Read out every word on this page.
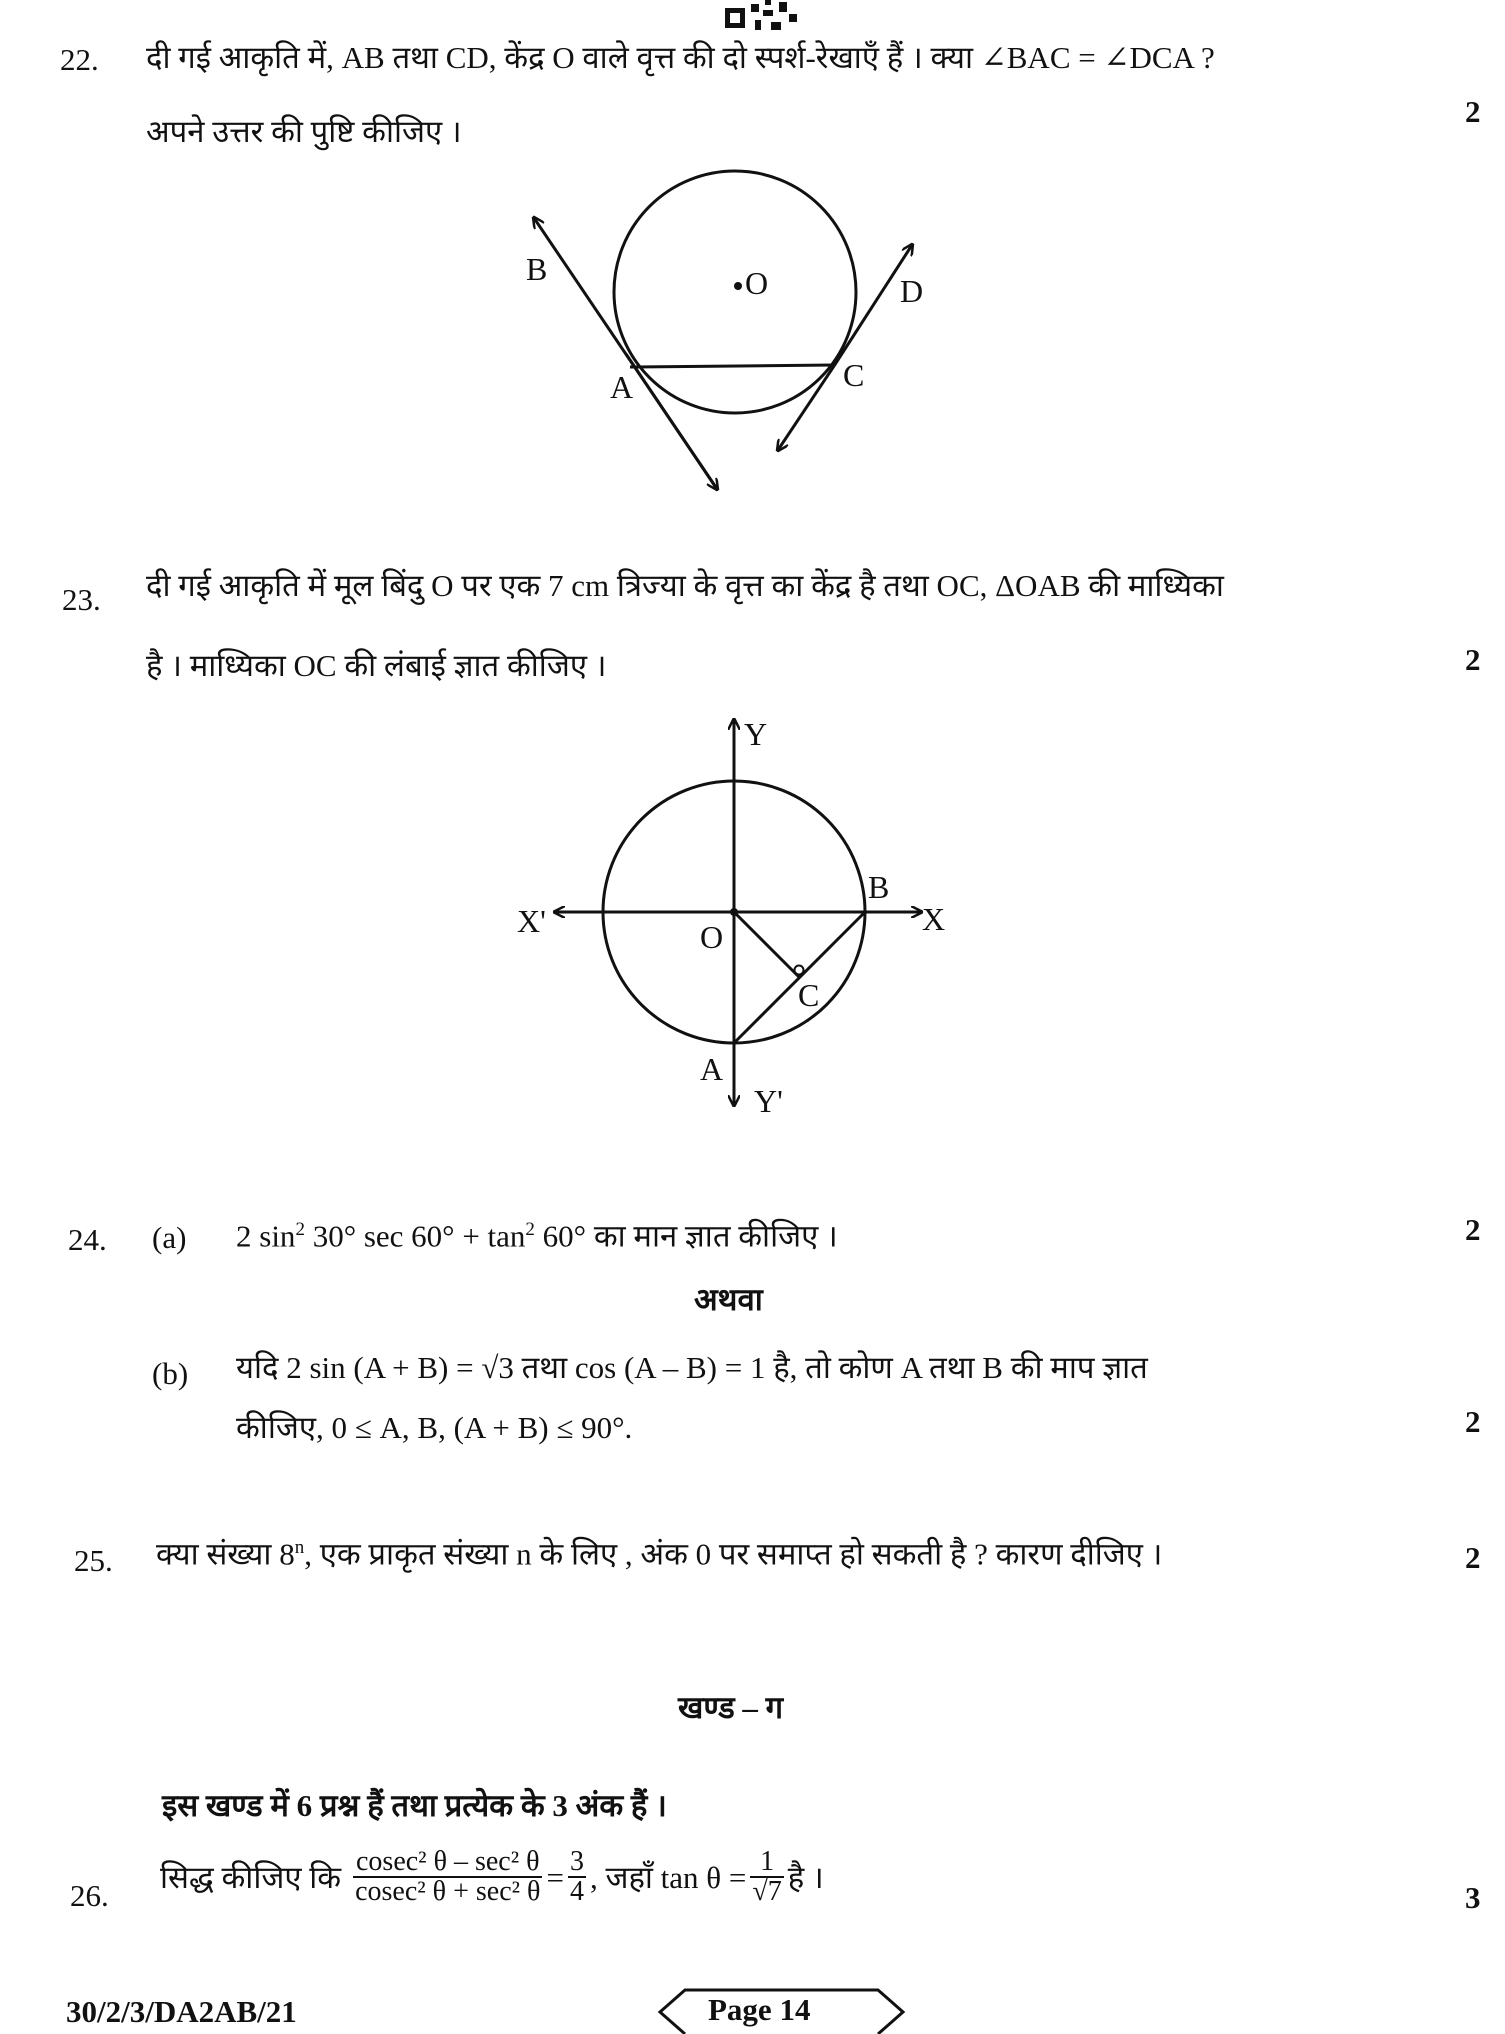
22. दी गई आकृति में, AB तथा CD, केंद्र O वाले वृत्त की दो स्पर्श-रेखाएँ हैं । क्या ∠BAC = ∠DCA ?
अपने उत्तर की पुष्टि कीजिए ।
2
23. दी गई आकृति में मूल बिंदु O पर एक 7 cm त्रिज्या के वृत्त का केंद्र है तथा OC, ΔOAB की माध्यिका
है । माध्यिका OC की लंबाई ज्ञात कीजिए ।	2
B	O	D
A	C
Y
X'	O
B
X
C
A
Y'
24. (a) 2 $\sin^2 30^\circ$ $\sec 60^\circ + \tan^2 60^\circ$ का मान ज्ञात कीजिए ।	2
अथवा
(b) यदि 2 sin (A + B) = √3 तथा cos (A – B) = 1 है, तो कोण A तथा B की माप ज्ञात
कीजिए, 0 ≤ A, B, (A + B) ≤ 90°.	2
25. क्या संख्या 8$^n$, एक प्राकृत संख्या n के लिए , अंक 0 पर समाप्त हो सकती है ? कारण दीजिए ।	2
खण्ड – ग
इस खण्ड में 6 प्रश्न हैं तथा प्रत्येक के 3 अंक हैं ।
26.
सिद्ध कीजिए कि $\frac{\text{cosec² θ – sec² θ}}{\text{cosec² θ + sec² θ}} = \frac{3}{4}$ , जहाँ $\tan \theta = \frac{1}{√7}$ है ।
3
30/2/3/DA2AB/21	Page 14
